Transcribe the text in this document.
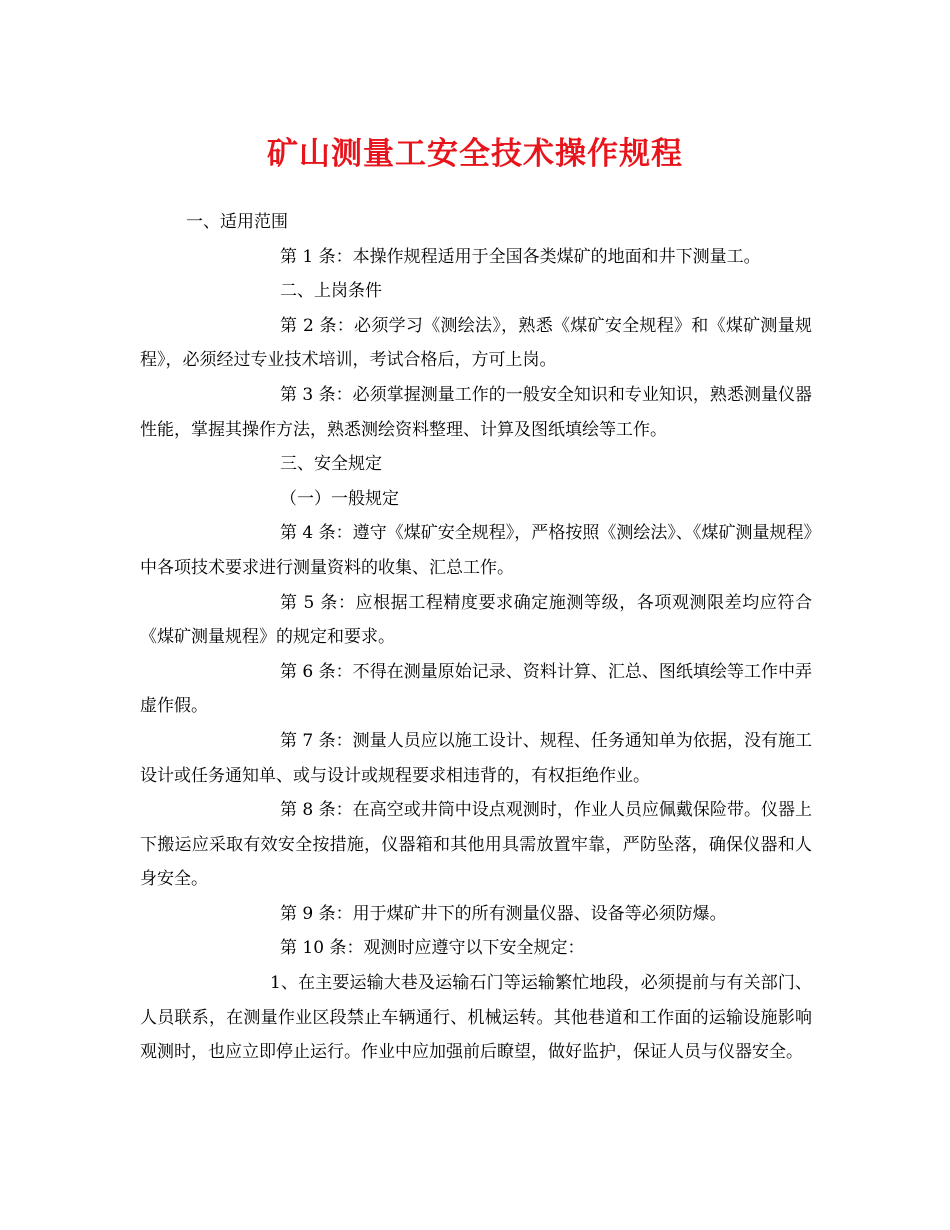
矿山测量工安全技术操作规程

一、适用范围

第 1 条：本操作规程适用于全国各类煤矿的地面和井下测量工。

二、上岗条件

第 2 条：必须学习《测绘法》，熟悉《煤矿安全规程》和《煤矿测量规程》，必须经过专业技术培训，考试合格后，方可上岗。

第 3 条：必须掌握测量工作的一般安全知识和专业知识，熟悉测量仪器性能，掌握其操作方法，熟悉测绘资料整理、计算及图纸填绘等工作。

三、安全规定

（一）一般规定

第 4 条：遵守《煤矿安全规程》，严格按照《测绘法》、《煤矿测量规程》中各项技术要求进行测量资料的收集、汇总工作。

第 5 条：应根据工程精度要求确定施测等级，各项观测限差均应符合《煤矿测量规程》的规定和要求。

第 6 条：不得在测量原始记录、资料计算、汇总、图纸填绘等工作中弄虚作假。

第 7 条：测量人员应以施工设计、规程、任务通知单为依据，没有施工设计或任务通知单、或与设计或规程要求相违背的，有权拒绝作业。

第 8 条：在高空或井筒中设点观测时，作业人员应佩戴保险带。仪器上下搬运应采取有效安全按措施，仪器箱和其他用具需放置牢靠，严防坠落，确保仪器和人身安全。

第 9 条：用于煤矿井下的所有测量仪器、设备等必须防爆。

第 10 条：观测时应遵守以下安全规定：

1、在主要运输大巷及运输石门等运输繁忙地段，必须提前与有关部门、人员联系，在测量作业区段禁止车辆通行、机械运转。其他巷道和工作面的运输设施影响观测时，也应立即停止运行。作业中应加强前后瞭望，做好监护，保证人员与仪器安全。
